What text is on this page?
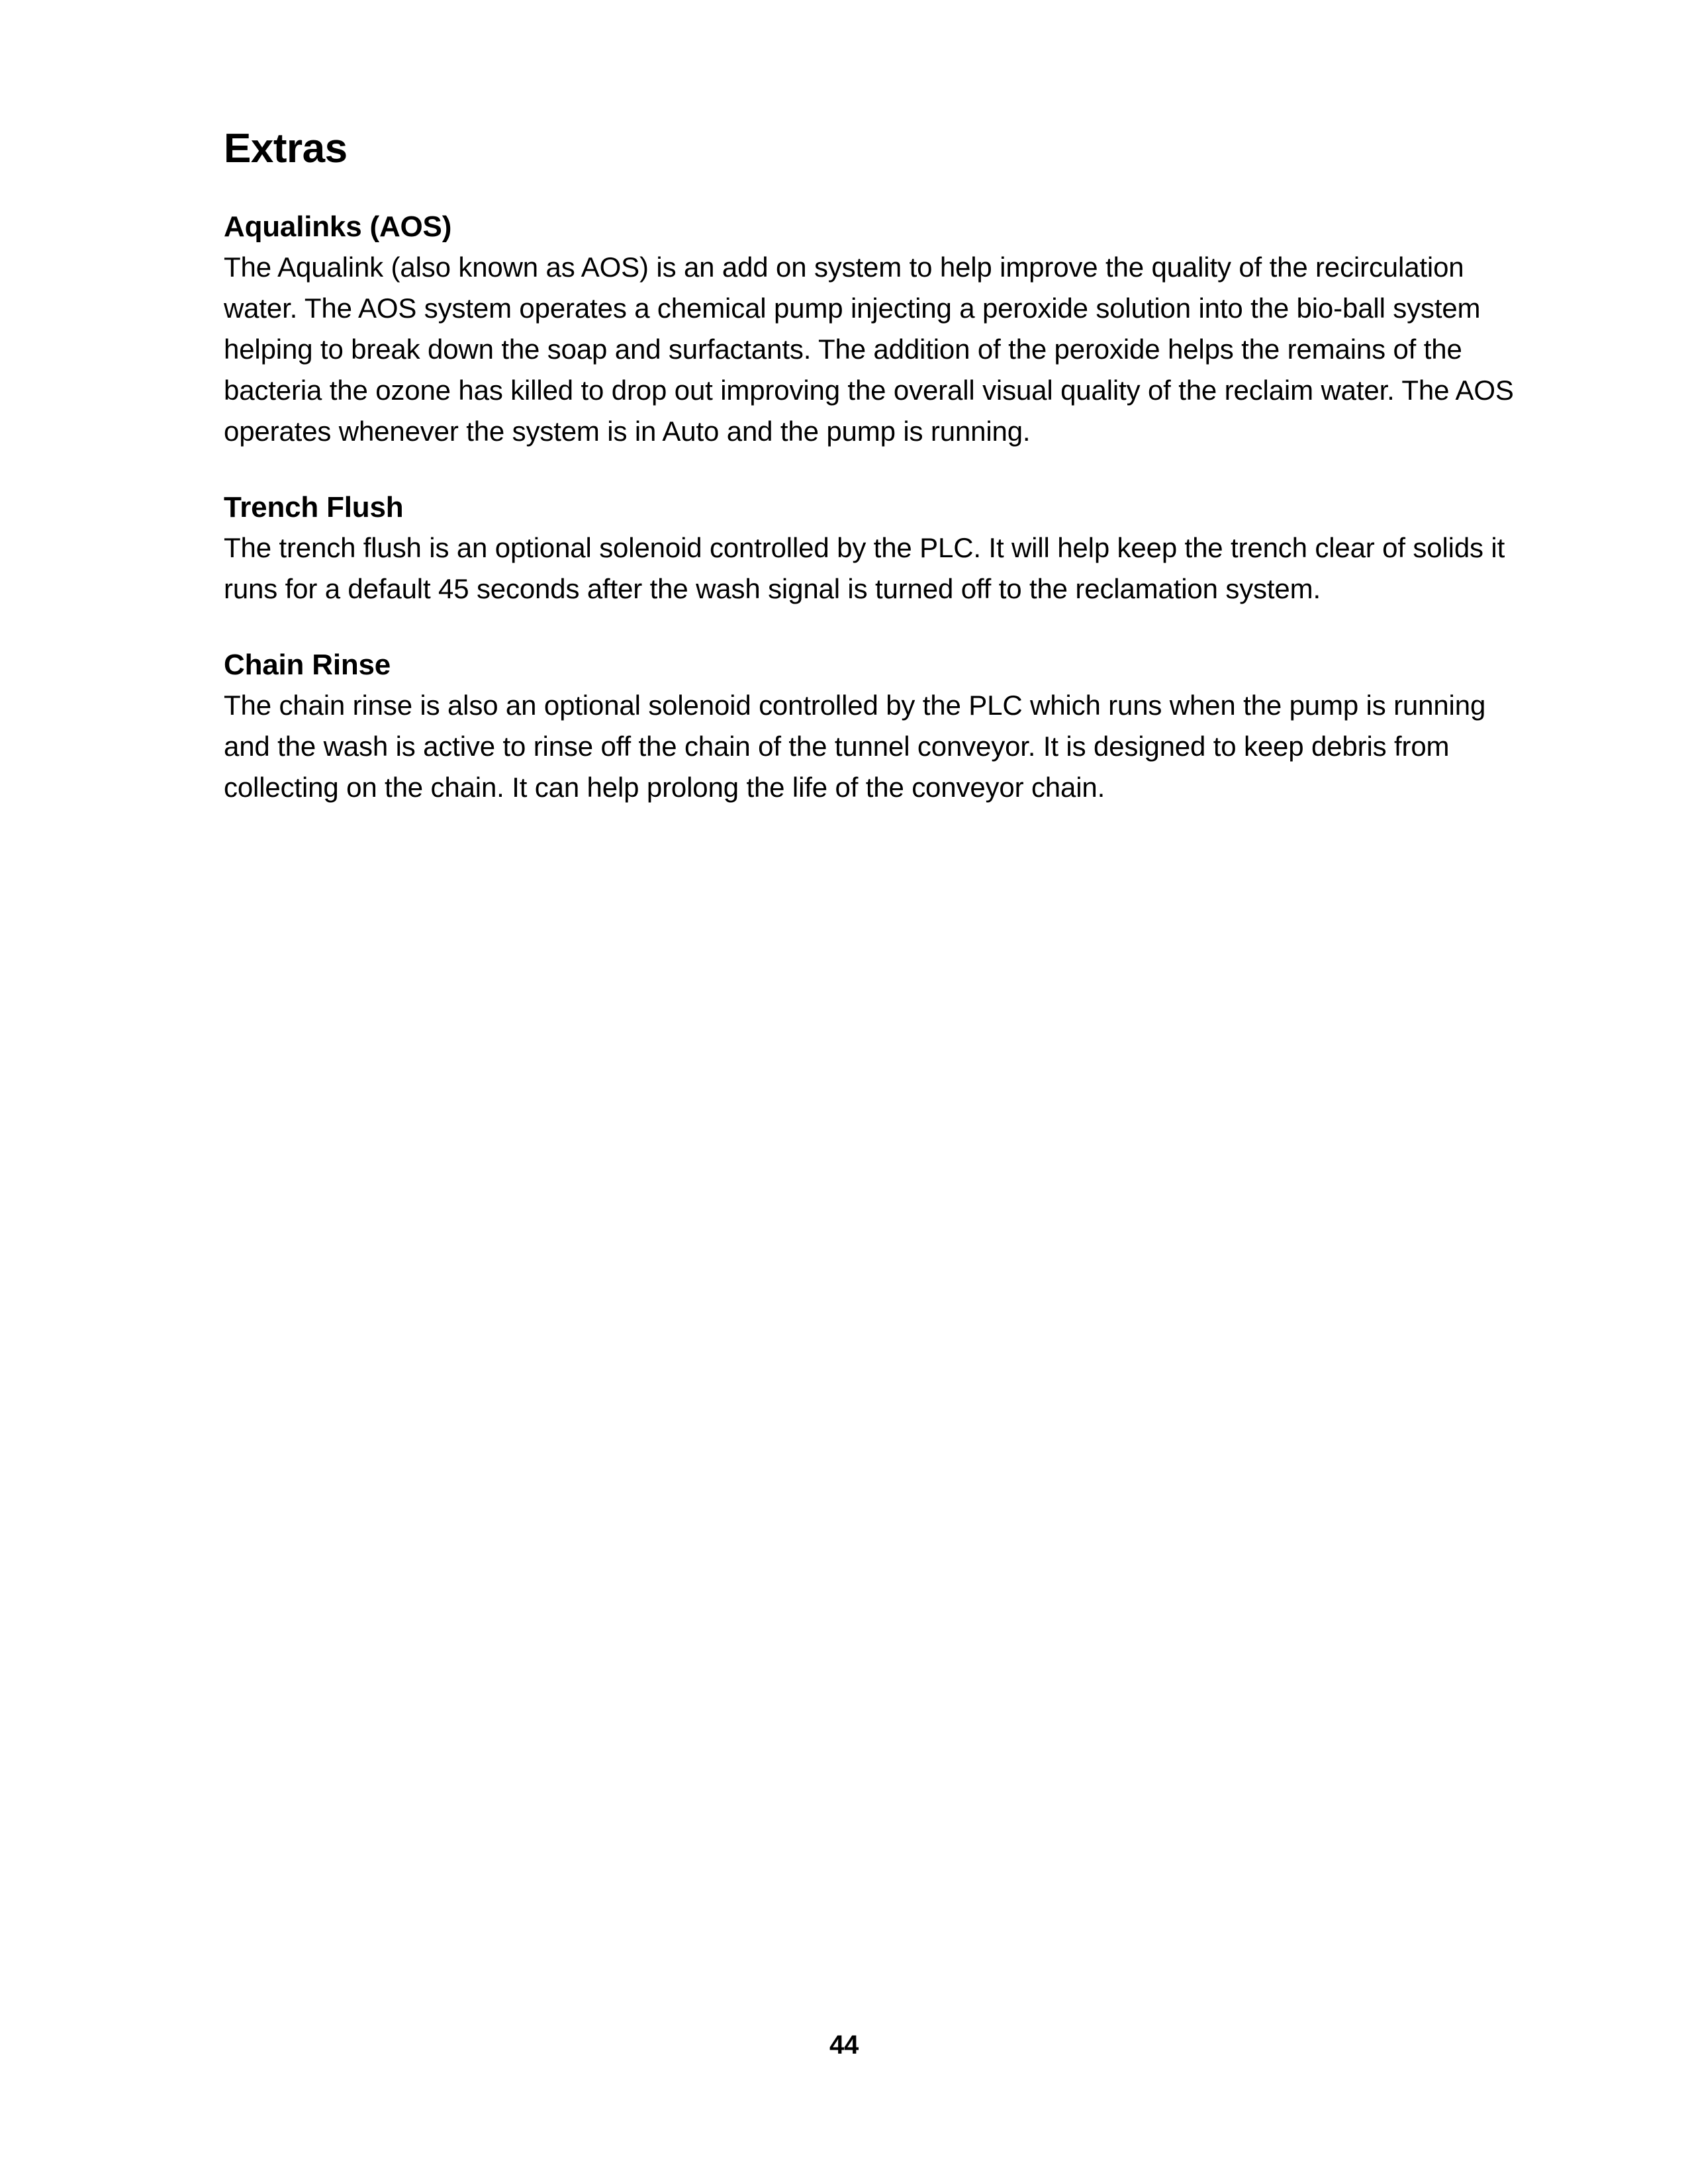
Extras
Aqualinks (AOS)

The Aqualink (also known as AOS) is an add on system to help improve the quality of the recirculation water. The AOS system operates a chemical pump injecting a peroxide solution into the bio-ball system helping to break down the soap and surfactants. The addition of the peroxide helps the remains of the bacteria the ozone has killed to drop out improving the overall visual quality of the reclaim water. The AOS operates whenever the system is in Auto and the pump is running.

Trench Flush

The trench flush is an optional solenoid controlled by the PLC. It will help keep the trench clear of solids it runs for a default 45 seconds after the wash signal is turned off to the reclamation system.

Chain Rinse

The chain rinse is also an optional solenoid controlled by the PLC which runs when the pump is running and the wash is active to rinse off the chain of the tunnel conveyor. It is designed to keep debris from collecting on the chain. It can help prolong the life of the conveyor chain.

44
